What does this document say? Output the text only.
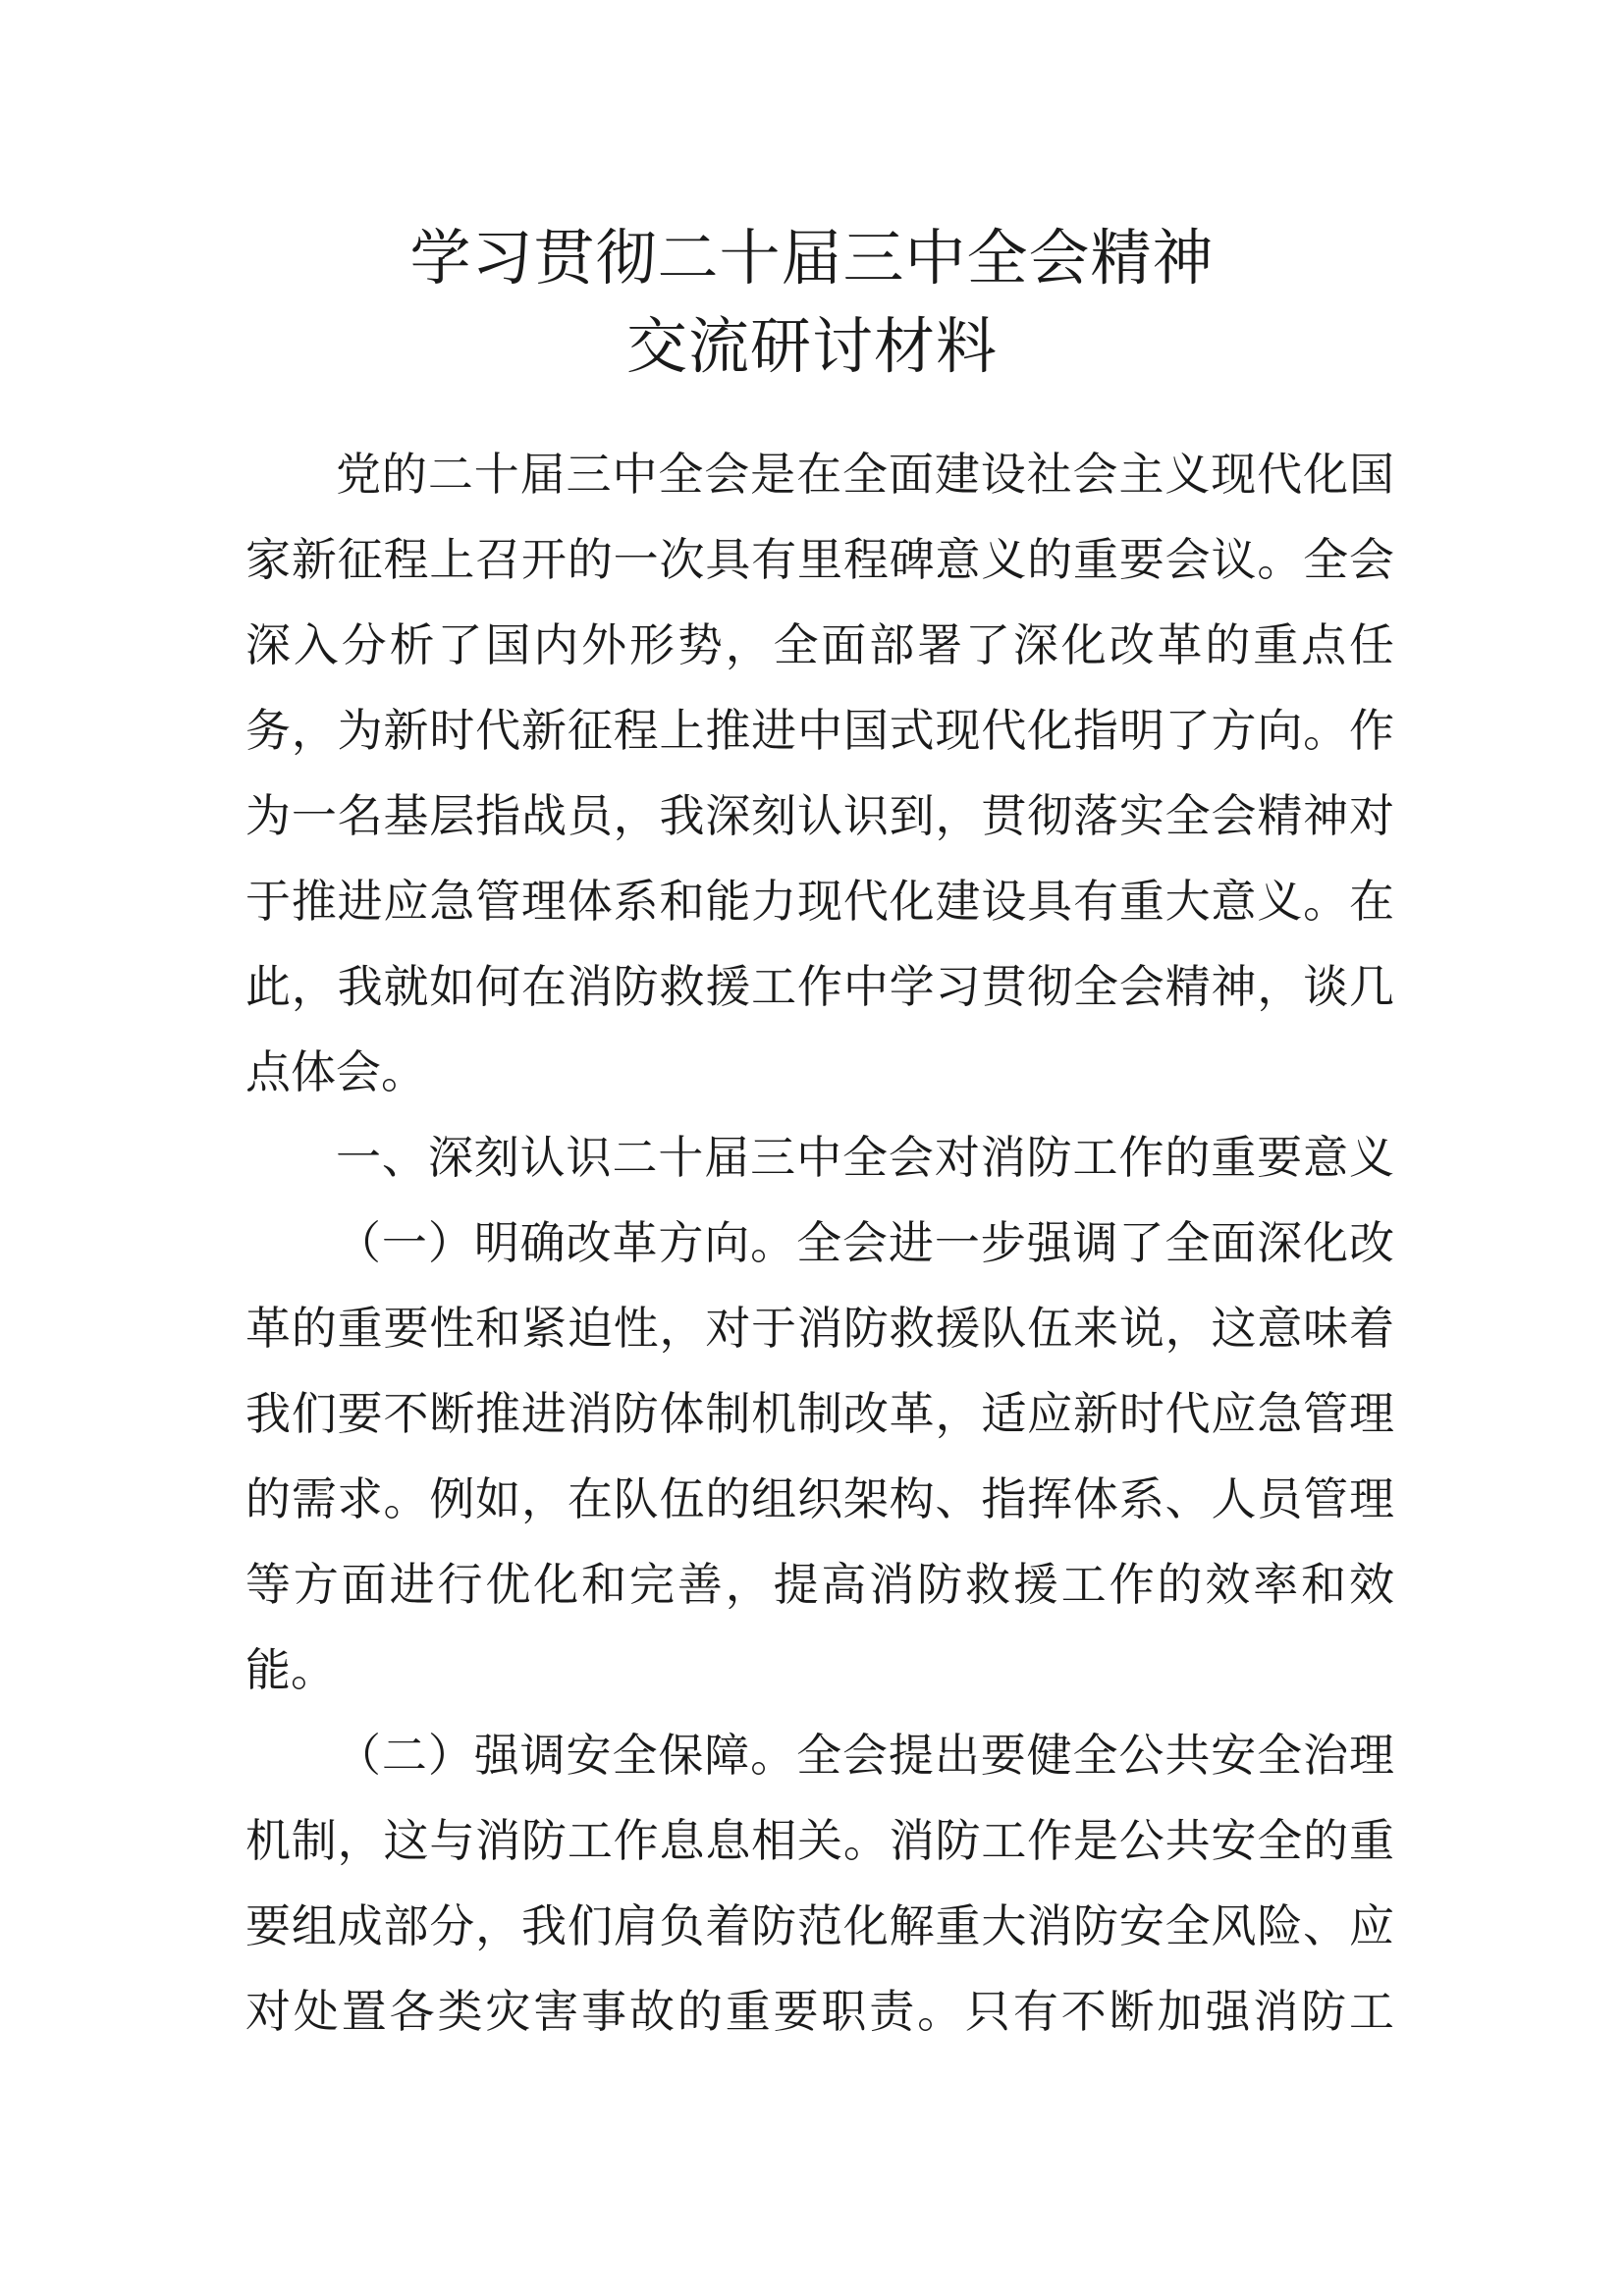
学习贯彻二十届三中全会精神
交流研讨材料
党的二十届三中全会是在全面建设社会主义现代化国
家新征程上召开的一次具有里程碑意义的重要会议。全会
深入分析了国内外形势，全面部署了深化改革的重点任
务，为新时代新征程上推进中国式现代化指明了方向。作
为一名基层指战员，我深刻认识到，贯彻落实全会精神对
于推进应急管理体系和能力现代化建设具有重大意义。在
此，我就如何在消防救援工作中学习贯彻全会精神，谈几
点体会。
一、深刻认识二十届三中全会对消防工作的重要意义
（一）明确改革方向。全会进一步强调了全面深化改
革的重要性和紧迫性，对于消防救援队伍来说，这意味着
我们要不断推进消防体制机制改革，适应新时代应急管理
的需求。例如，在队伍的组织架构、指挥体系、人员管理
等方面进行优化和完善，提高消防救援工作的效率和效
能。
（二）强调安全保障。全会提出要健全公共安全治理
机制，这与消防工作息息相关。消防工作是公共安全的重
要组成部分，我们肩负着防范化解重大消防安全风险、应
对处置各类灾害事故的重要职责。只有不断加强消防工
